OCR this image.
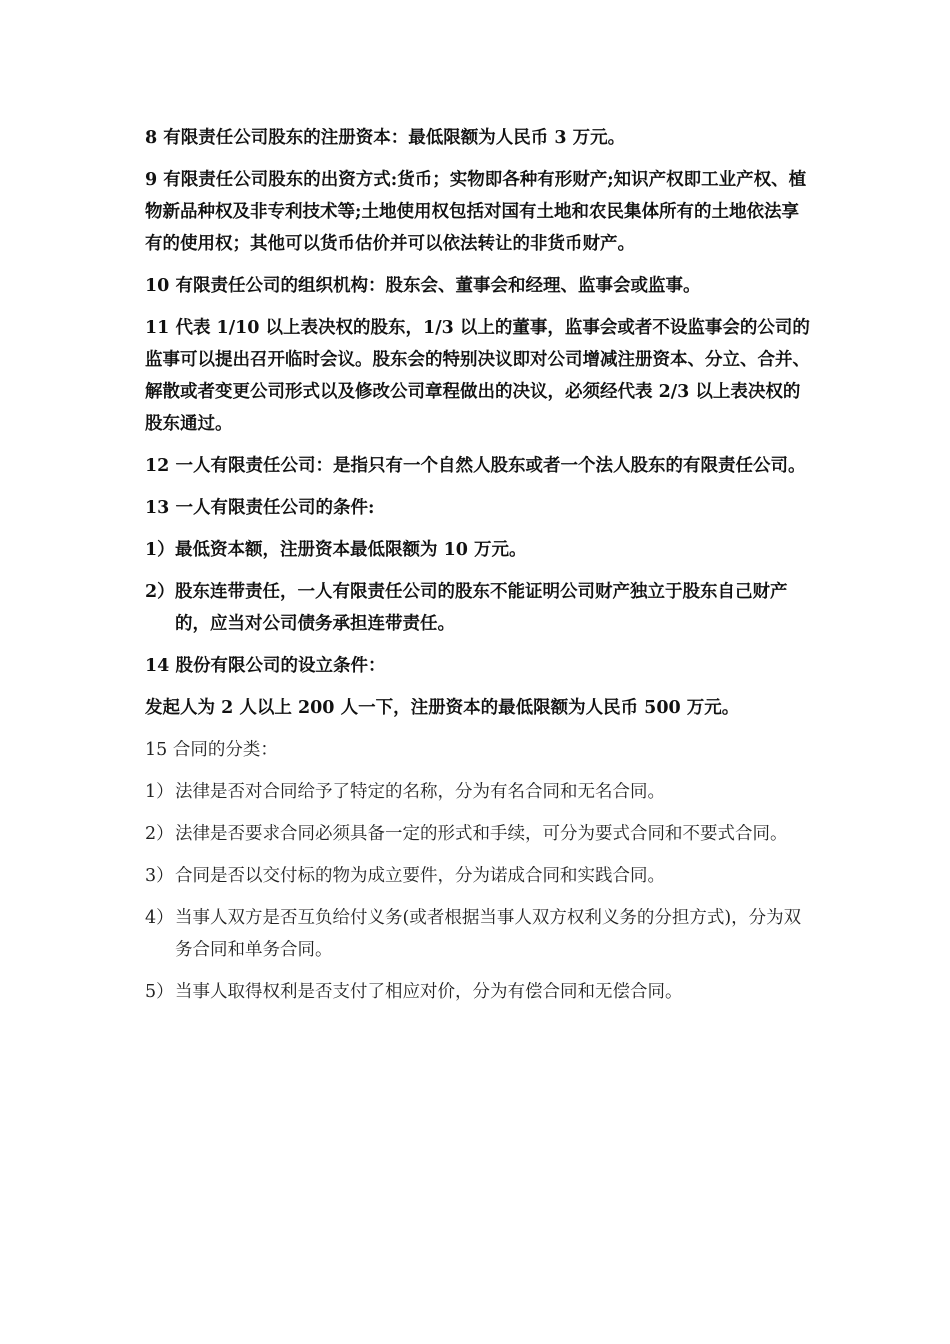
8 有限责任公司股东的注册资本：最低限额为人民币 3 万元。

9 有限责任公司股东的出资方式:货币；实物即各种有形财产;知识产权即工业产权、植物新品种权及非专利技术等;土地使用权包括对国有土地和农民集体所有的土地依法享有的使用权；其他可以货币估价并可以依法转让的非货币财产。

10 有限责任公司的组织机构：股东会、董事会和经理、监事会或监事。

11 代表 1/10 以上表决权的股东，1/3 以上的董事，监事会或者不设监事会的公司的监事可以提出召开临时会议。股东会的特别决议即对公司增减注册资本、分立、合并、解散或者变更公司形式以及修改公司章程做出的决议，必须经代表 2/3 以上表决权的股东通过。

12 一人有限责任公司：是指只有一个自然人股东或者一个法人股东的有限责任公司。

13 一人有限责任公司的条件:

1） 最低资本额，注册资本最低限额为 10 万元。
2） 股东连带责任，一人有限责任公司的股东不能证明公司财产独立于股东自己财产的，应当对公司债务承担连带责任。

14 股份有限公司的设立条件：

发起人为 2 人以上 200 人一下，注册资本的最低限额为人民币 500 万元。

15 合同的分类：

1） 法律是否对合同给予了特定的名称，分为有名合同和无名合同。
2） 法律是否要求合同必须具备一定的形式和手续，可分为要式合同和不要式合同。
3） 合同是否以交付标的物为成立要件，分为诺成合同和实践合同。
4） 当事人双方是否互负给付义务(或者根据当事人双方权利义务的分担方式)，分为双务合同和单务合同。
5） 当事人取得权利是否支付了相应对价，分为有偿合同和无偿合同。
